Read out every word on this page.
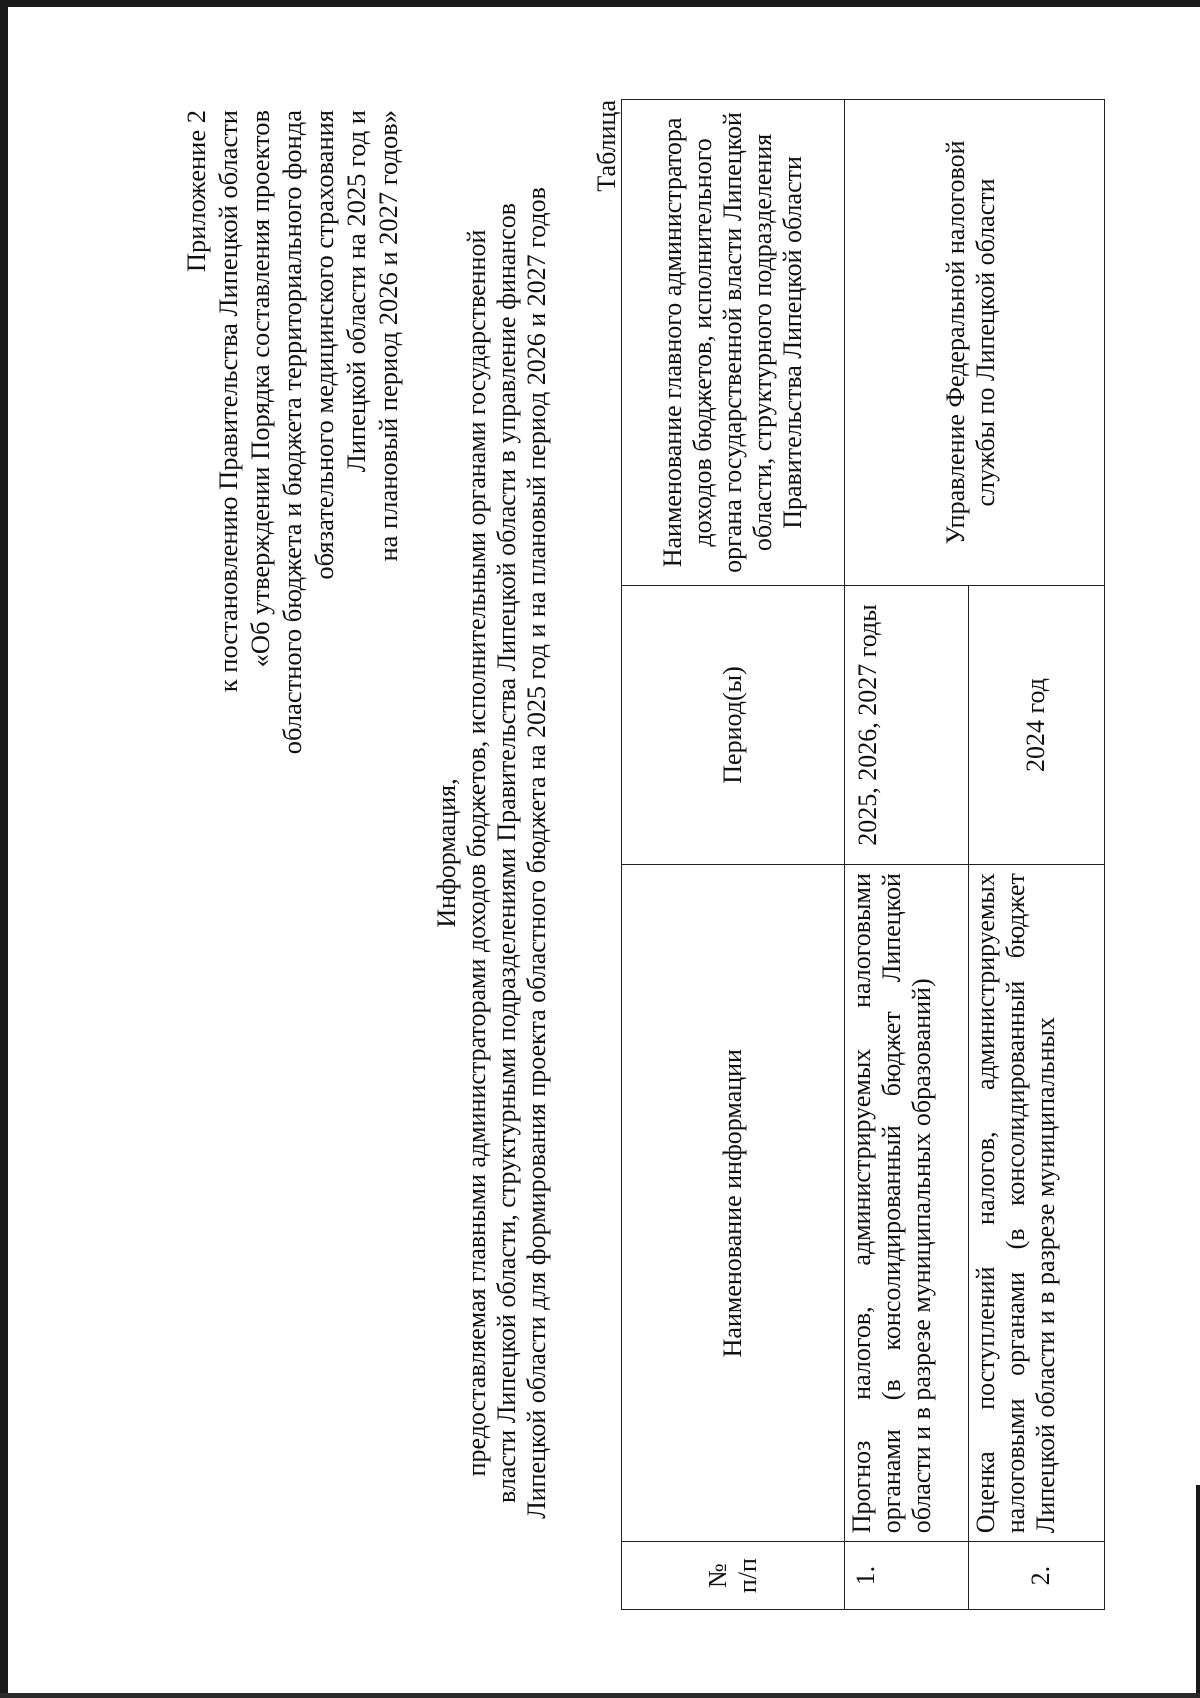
Приложение 2 к постановлению Правительства Липецкой области «Об утверждении Порядка составления проектов областного бюджета и бюджета территориального фонда обязательного медицинского страхования Липецкой области на 2025 год и на плановый период 2026 и 2027 годов»
Информация, предоставляемая главными администраторами доходов бюджетов, исполнительными органами государственной власти Липецкой области, структурными подразделениями Правительства Липецкой области в управление финансов Липецкой области для формирования проекта областного бюджета на 2025 год и на плановый период 2026 и 2027 годов
Таблица
№
п/п	Наименование информации	Период(ы)	Наименование главного администратора доходов бюджетов, исполнительного органа государственной власти Липецкой области, структурного подразделения Правительства Липецкой области
1.	Прогноз налогов, администрируемых налоговыми органами (в консолидированный бюджет Липецкой области и в разрезе муниципальных образований)	2025, 2026, 2027 годы	Управление Федеральной налоговой службы по Липецкой области
2.	Оценка поступлений налогов, администрируемых налоговыми органами (в консолидированный бюджет Липецкой области и в разрезе муниципальных	2024 год	
